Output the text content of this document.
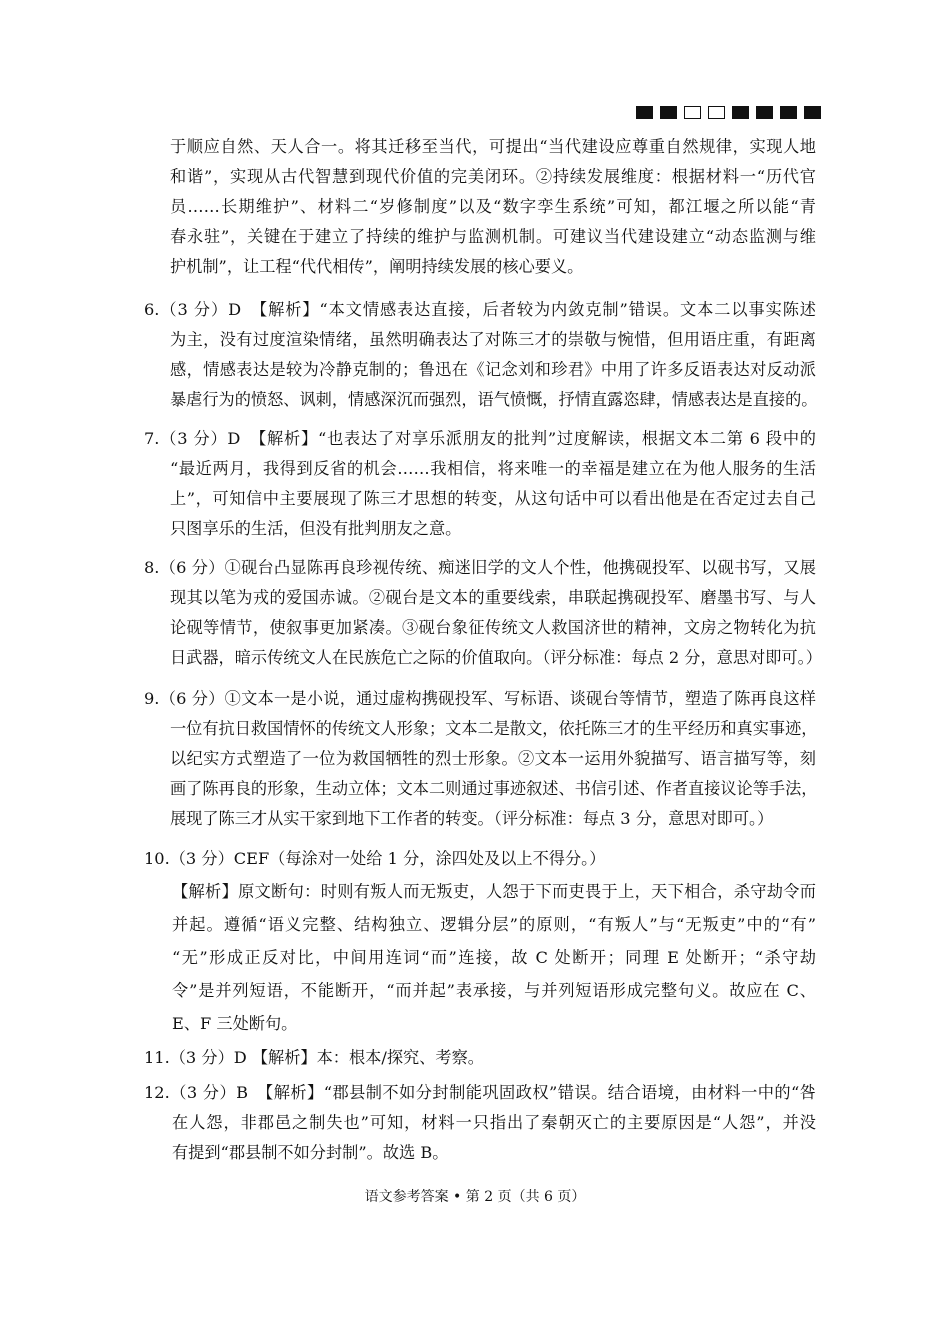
于顺应自然、天人合一。将其迁移至当代，可提出“当代建设应尊重自然规律，实现人地
和谐”，实现从古代智慧到现代价值的完美闭环。②持续发展维度：根据材料一“历代官
员……长期维护”、材料二“岁修制度”以及“数字孪生系统”可知，都江堰之所以能“青
春永驻”，关键在于建立了持续的维护与监测机制。可建议当代建设建立“动态监测与维
护机制”，让工程“代代相传”，阐明持续发展的核心要义。
6.（3 分）D　【解析】“本文情感表达直接，后者较为内敛克制”错误。文本二以事实陈述
为主，没有过度渲染情绪，虽然明确表达了对陈三才的崇敬与惋惜，但用语庄重，有距离
感，情感表达是较为冷静克制的；鲁迅在《记念刘和珍君》中用了许多反语表达对反动派
暴虐行为的愤怒、讽刺，情感深沉而强烈，语气愤慨，抒情直露恣肆，情感表达是直接的。
7.（3 分）D　【解析】“也表达了对享乐派朋友的批判”过度解读，根据文本二第 6 段中的
“最近两月，我得到反省的机会……我相信，将来唯一的幸福是建立在为他人服务的生活
上”，可知信中主要展现了陈三才思想的转变，从这句话中可以看出他是在否定过去自己
只图享乐的生活，但没有批判朋友之意。
8.（6 分）①砚台凸显陈再良珍视传统、痴迷旧学的文人个性，他携砚投军、以砚书写，又展
现其以笔为戎的爱国赤诚。②砚台是文本的重要线索，串联起携砚投军、磨墨书写、与人
论砚等情节，使叙事更加紧凑。③砚台象征传统文人救国济世的精神，文房之物转化为抗
日武器，暗示传统文人在民族危亡之际的价值取向。（评分标准：每点 2 分，意思对即可。）
9.（6 分）①文本一是小说，通过虚构携砚投军、写标语、谈砚台等情节，塑造了陈再良这样
一位有抗日救国情怀的传统文人形象；文本二是散文，依托陈三才的生平经历和真实事迹，
以纪实方式塑造了一位为救国牺牲的烈士形象。②文本一运用外貌描写、语言描写等，刻
画了陈再良的形象，生动立体；文本二则通过事迹叙述、书信引述、作者直接议论等手法，
展现了陈三才从实干家到地下工作者的转变。（评分标准：每点 3 分，意思对即可。）
10.（3 分）CEF（每涂对一处给 1 分，涂四处及以上不得分。）
【解析】原文断句：时则有叛人而无叛吏，人怨于下而吏畏于上，天下相合，杀守劫令而
并起。遵循“语义完整、结构独立、逻辑分层”的原则，“有叛人”与“无叛吏”中的“有”
“无”形成正反对比，中间用连词“而”连接，故 C 处断开；同理 E 处断开；“杀守劫
令”是并列短语，不能断开，“而并起”表承接，与并列短语形成完整句义。故应在 C、
E、F 三处断句。
11.（3 分）D 【解析】本：根本/探究、考察。
12.（3 分）B　【解析】“郡县制不如分封制能巩固政权”错误。结合语境，由材料一中的“咎
在人怨，非郡邑之制失也”可知，材料一只指出了秦朝灭亡的主要原因是“人怨”，并没
有提到“郡县制不如分封制”。故选 B。
语文参考答案 • 第 2 页（共 6 页）
